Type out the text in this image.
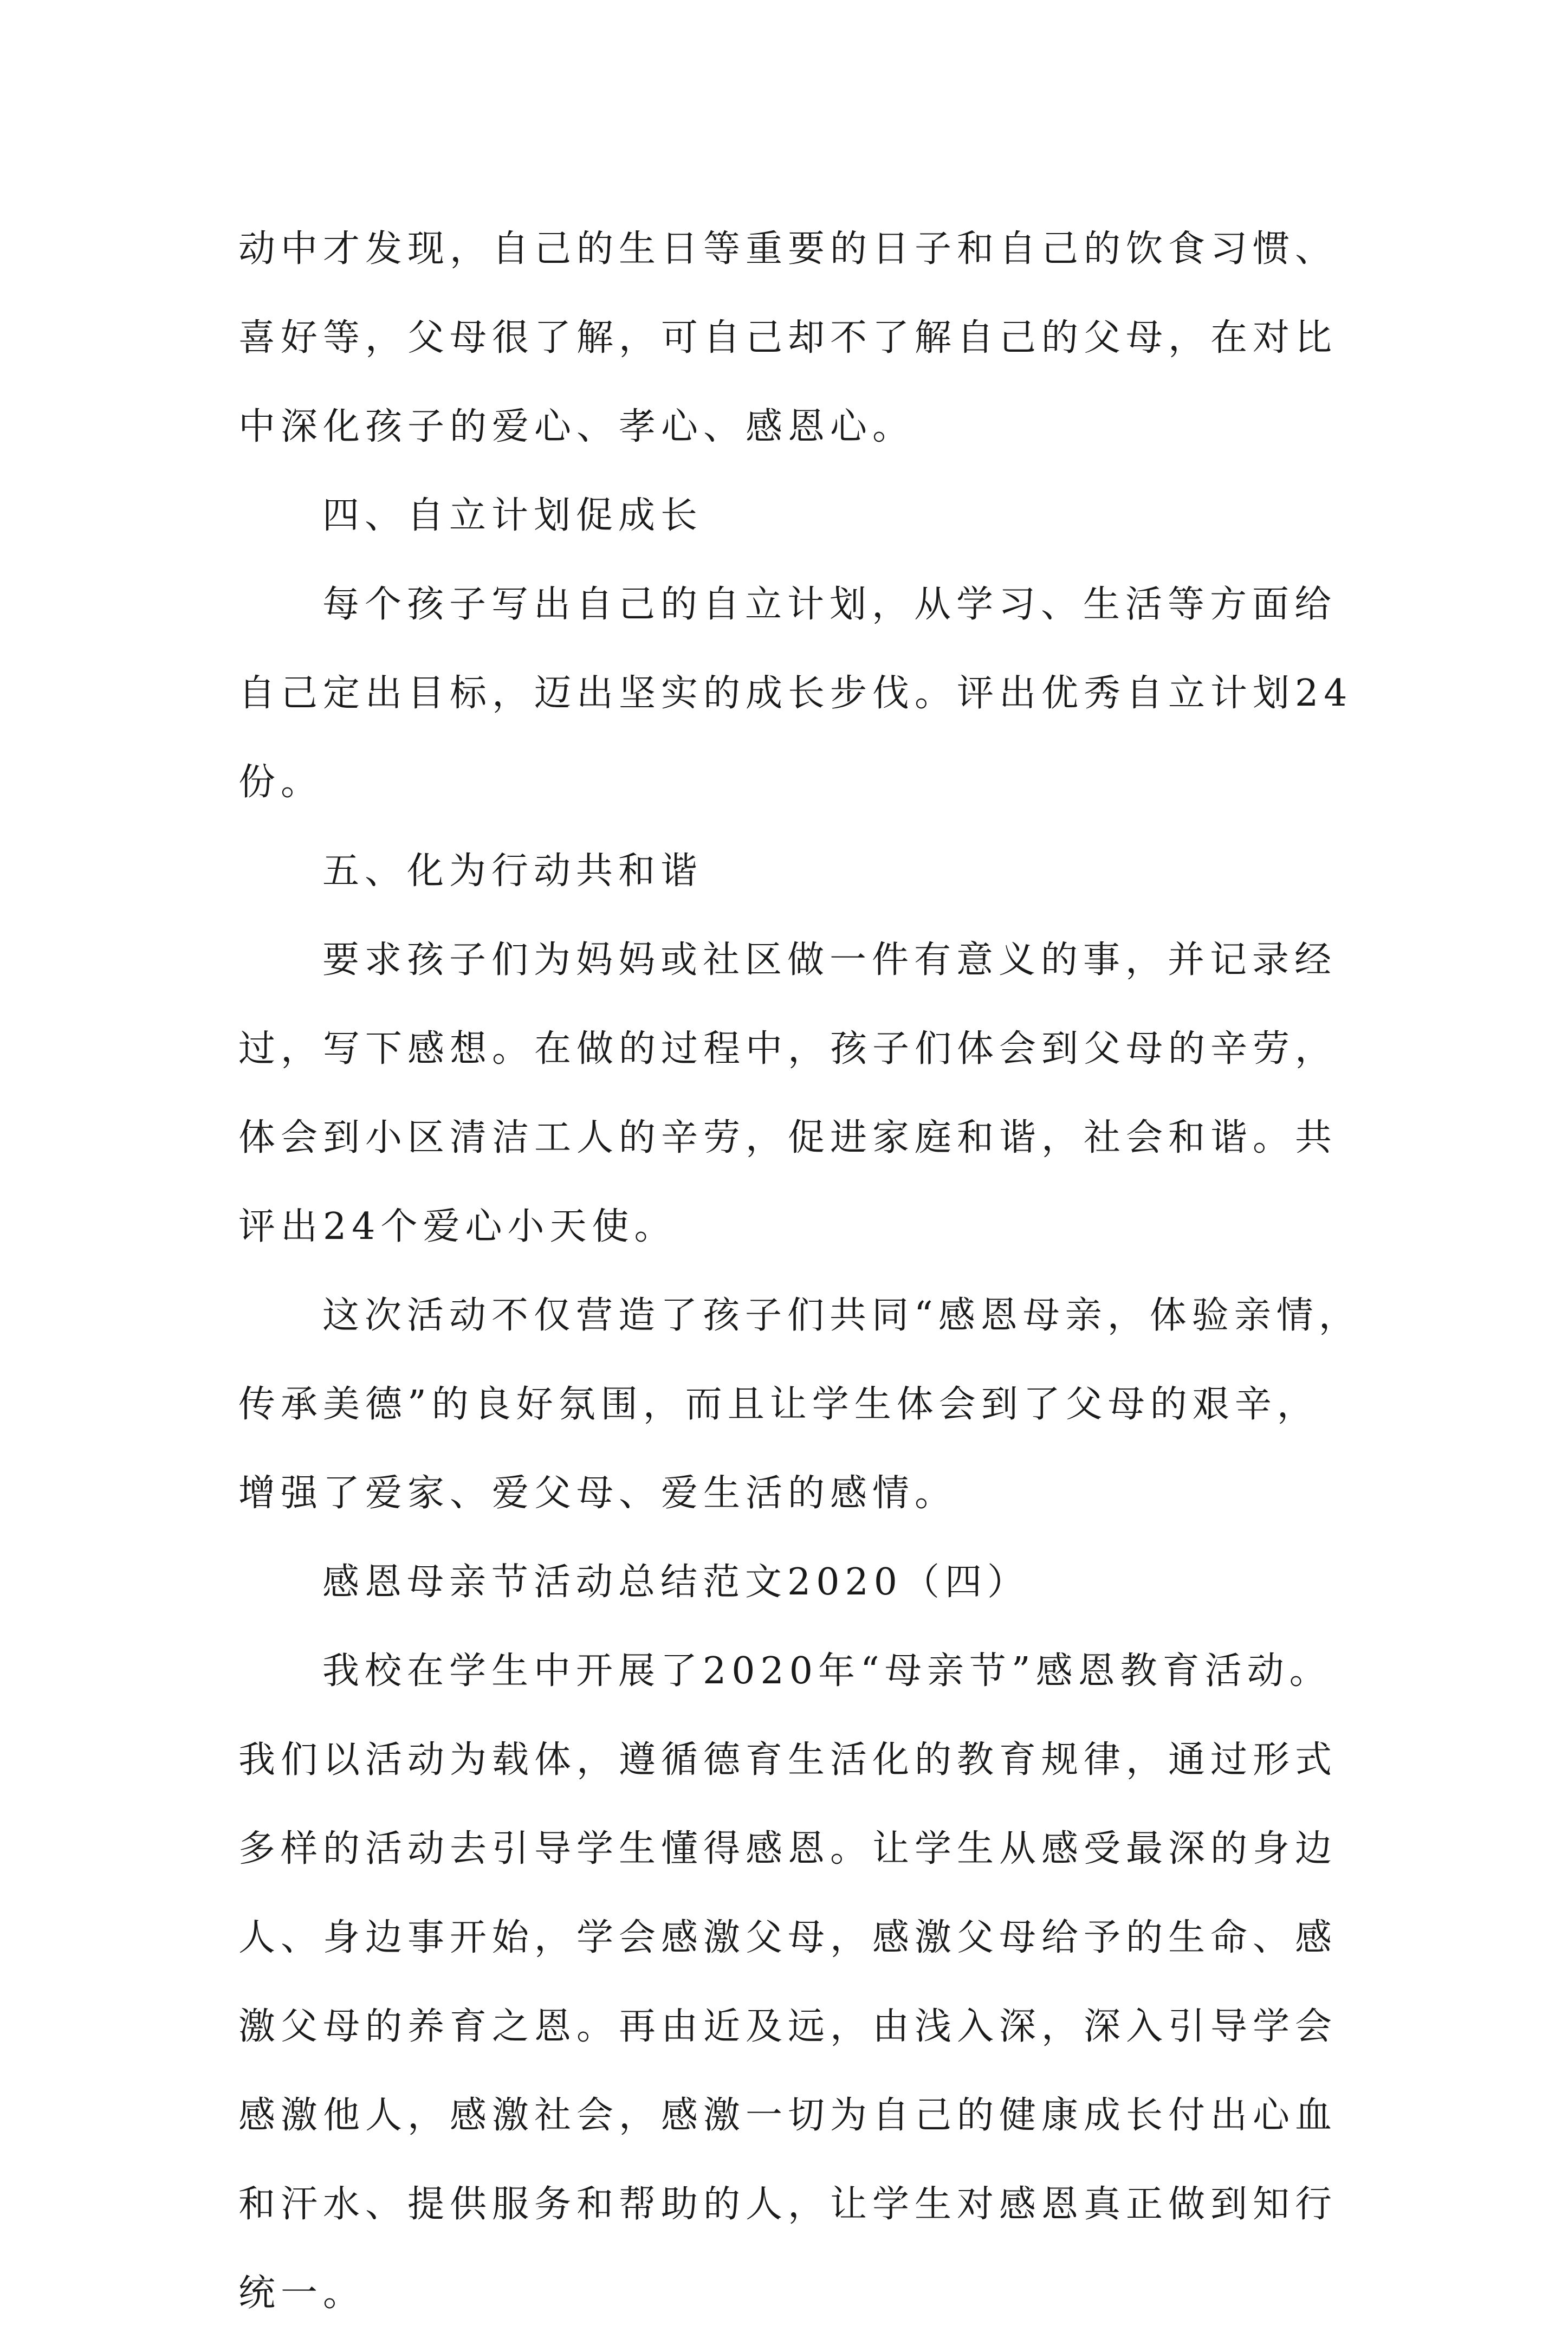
动中才发现，自己的生日等重要的日子和自己的饮食习惯、
喜好等，父母很了解，可自己却不了解自己的父母，在对比
中深化孩子的爱心、孝心、感恩心。
四、自立计划促成长
每个孩子写出自己的自立计划，从学习、生活等方面给
自己定出目标，迈出坚实的成长步伐。评出优秀自立计划24
份。
五、化为行动共和谐
要求孩子们为妈妈或社区做一件有意义的事，并记录经
过，写下感想。在做的过程中，孩子们体会到父母的辛劳，
体会到小区清洁工人的辛劳，促进家庭和谐，社会和谐。共
评出24个爱心小天使。
这次活动不仅营造了孩子们共同“感恩母亲，体验亲情，
传承美德”的良好氛围，而且让学生体会到了父母的艰辛，
增强了爱家、爱父母、爱生活的感情。
感恩母亲节活动总结范文2020（四）
我校在学生中开展了2020年“母亲节”感恩教育活动。
我们以活动为载体，遵循德育生活化的教育规律，通过形式
多样的活动去引导学生懂得感恩。让学生从感受最深的身边
人、身边事开始，学会感激父母，感激父母给予的生命、感
激父母的养育之恩。再由近及远，由浅入深，深入引导学会
感激他人，感激社会，感激一切为自己的健康成长付出心血
和汗水、提供服务和帮助的人，让学生对感恩真正做到知行
统一。
